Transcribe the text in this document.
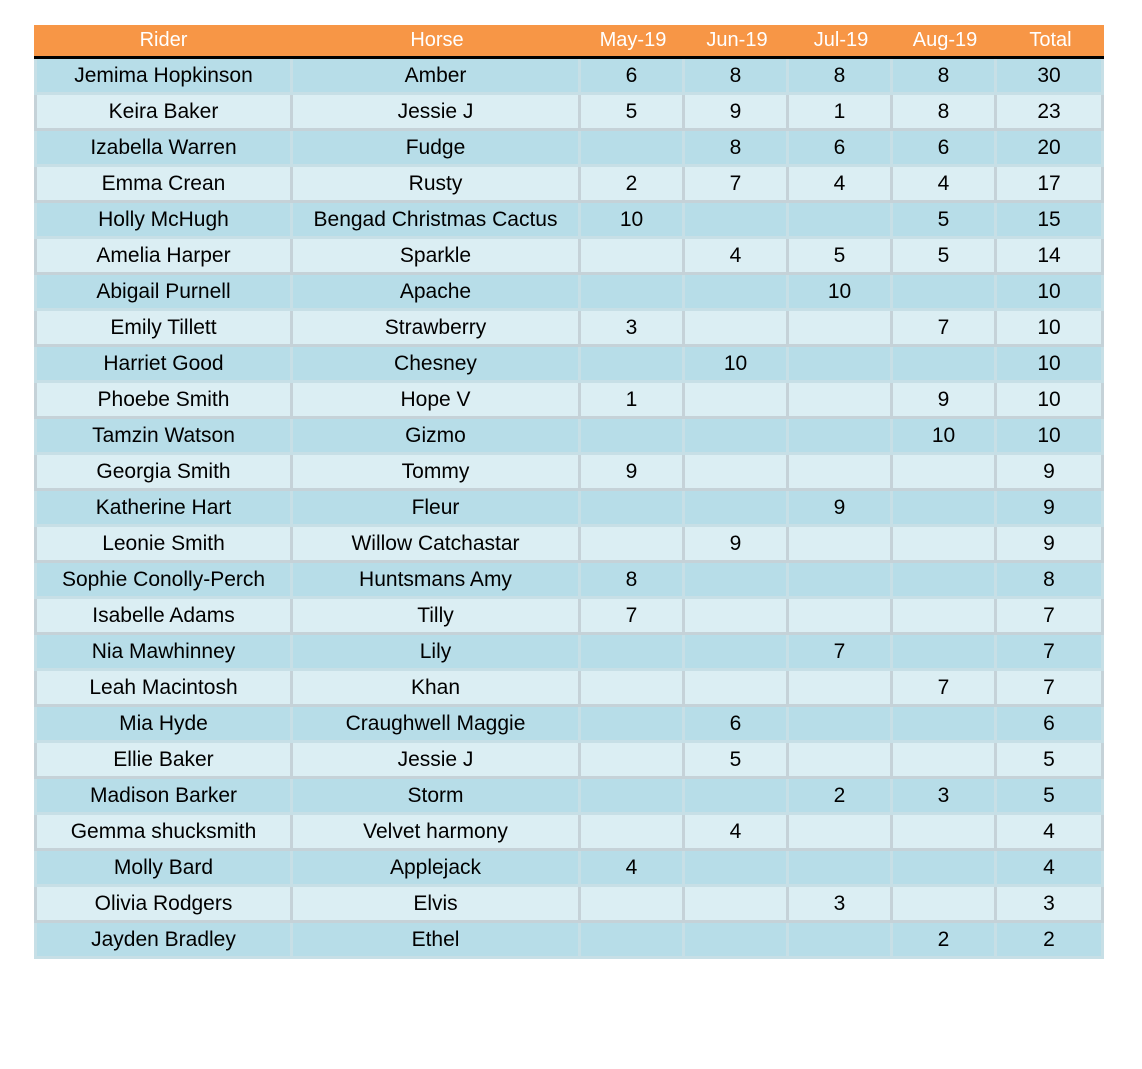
Rider	Horse	May-19	Jun-19	Jul-19	Aug-19	Total
Jemima Hopkinson	Amber	6	8	8	8	30
Keira Baker	Jessie J	5	9	1	8	23
Izabella Warren	Fudge		8	6	6	20
Emma Crean	Rusty	2	7	4	4	17
Holly McHugh	Bengad Christmas Cactus	10			5	15
Amelia Harper	Sparkle		4	5	5	14
Abigail Purnell	Apache			10		10
Emily Tillett	Strawberry	3			7	10
Harriet Good	Chesney		10			10
Phoebe Smith	Hope V	1			9	10
Tamzin Watson	Gizmo				10	10
Georgia Smith	Tommy	9				9
Katherine Hart	Fleur			9		9
Leonie Smith	Willow Catchastar		9			9
Sophie Conolly-Perch	Huntsmans Amy	8				8
Isabelle Adams	Tilly	7				7
Nia Mawhinney	Lily			7		7
Leah Macintosh	Khan				7	7
Mia Hyde	Craughwell Maggie		6			6
Ellie Baker	Jessie J		5			5
Madison Barker	Storm			2	3	5
Gemma shucksmith	Velvet harmony		4			4
Molly Bard	Applejack	4				4
Olivia Rodgers	Elvis			3		3
Jayden Bradley	Ethel				2	2
